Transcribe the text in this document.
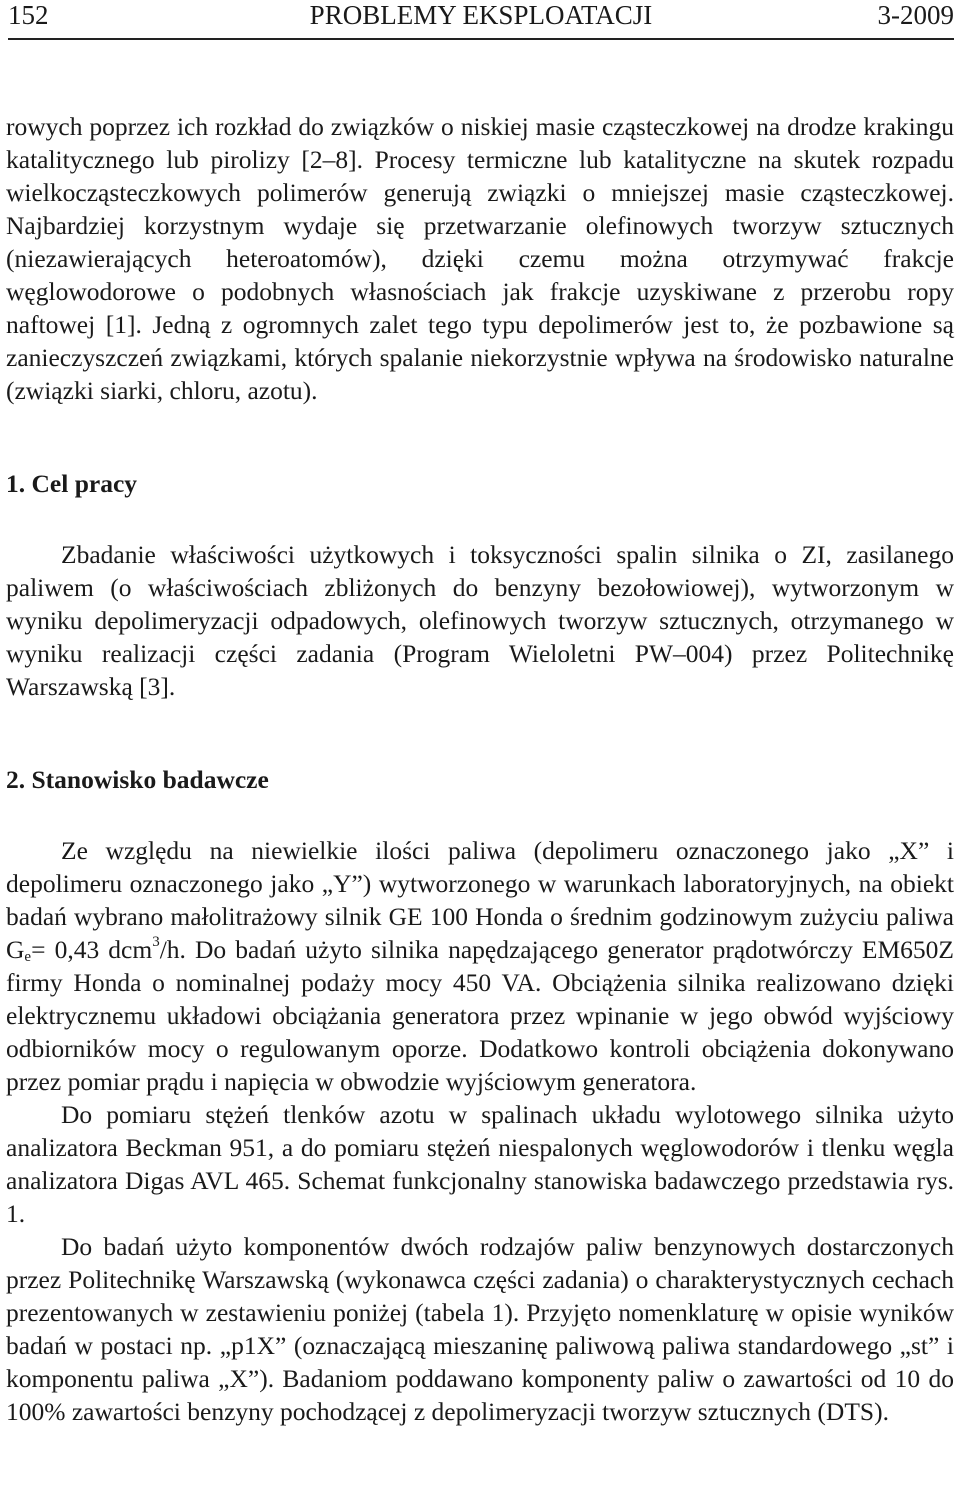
152	PROBLEMY EKSPLOATACJI	3-2009

rowych poprzez ich rozkład do związków o niskiej masie cząsteczkowej na drodze krakingu katalitycznego lub pirolizy [2–8]. Procesy termiczne lub katalityczne na skutek rozpadu wielkocząsteczkowych polimerów generują związki o mniejszej masie cząsteczkowej. Najbardziej korzystnym wydaje się przetwarzanie olefinowych tworzyw sztucznych (niezawierających heteroatomów), dzięki czemu można otrzymywać frakcje węglowodorowe o podobnych własnościach jak frakcje uzyskiwane z przerobu ropy naftowej [1]. Jedną z ogromnych zalet tego typu depolimerów jest to, że pozbawione są zanieczyszczeń związkami, których spalanie niekorzystnie wpływa na środowisko naturalne (związki siarki, chloru, azotu).

1. Cel pracy

Zbadanie właściwości użytkowych i toksyczności spalin silnika o ZI, zasilanego paliwem (o właściwościach zbliżonych do benzyny bezołowiowej), wytworzonym w wyniku depolimeryzacji odpadowych, olefinowych tworzyw sztucznych, otrzymanego w wyniku realizacji części zadania (Program Wieloletni PW–004) przez Politechnikę Warszawską [3].

2. Stanowisko badawcze

Ze względu na niewielkie ilości paliwa (depolimeru oznaczonego jako „X” i depolimeru oznaczonego jako „Y”) wytworzonego w warunkach laboratoryjnych, na obiekt badań wybrano małolitrażowy silnik GE 100 Honda o średnim godzinowym zużyciu paliwa $G_e= 0,43$ dcm$^3$/h. Do badań użyto silnika napędzającego generator prądotwórczy EM650Z firmy Honda o nominalnej podaży mocy 450 VA. Obciążenia silnika realizowano dzięki elektrycznemu układowi obciążania generatora przez wpinanie w jego obwód wyjściowy odbiorników mocy o regulowanym oporze. Dodatkowo kontroli obciążenia dokonywano przez pomiar prądu i napięcia w obwodzie wyjściowym generatora.

Do pomiaru stężeń tlenków azotu w spalinach układu wylotowego silnika użyto analizatora Beckman 951, a do pomiaru stężeń niespalonych węglowodorów i tlenku węgla analizatora Digas AVL 465. Schemat funkcjonalny stanowiska badawczego przedstawia rys. 1.

Do badań użyto komponentów dwóch rodzajów paliw benzynowych dostarczonych przez Politechnikę Warszawską (wykonawca części zadania) o charakterystycznych cechach prezentowanych w zestawieniu poniżej (tabela 1). Przyjęto nomenklaturę w opisie wyników badań w postaci np. „p1X” (oznaczającą mieszaninę paliwową paliwa standardowego „st” i komponentu paliwa „X”). Badaniom poddawano komponenty paliw o zawartości od 10 do 100% zawartości benzyny pochodzącej z depolimeryzacji tworzyw sztucznych (DTS).
